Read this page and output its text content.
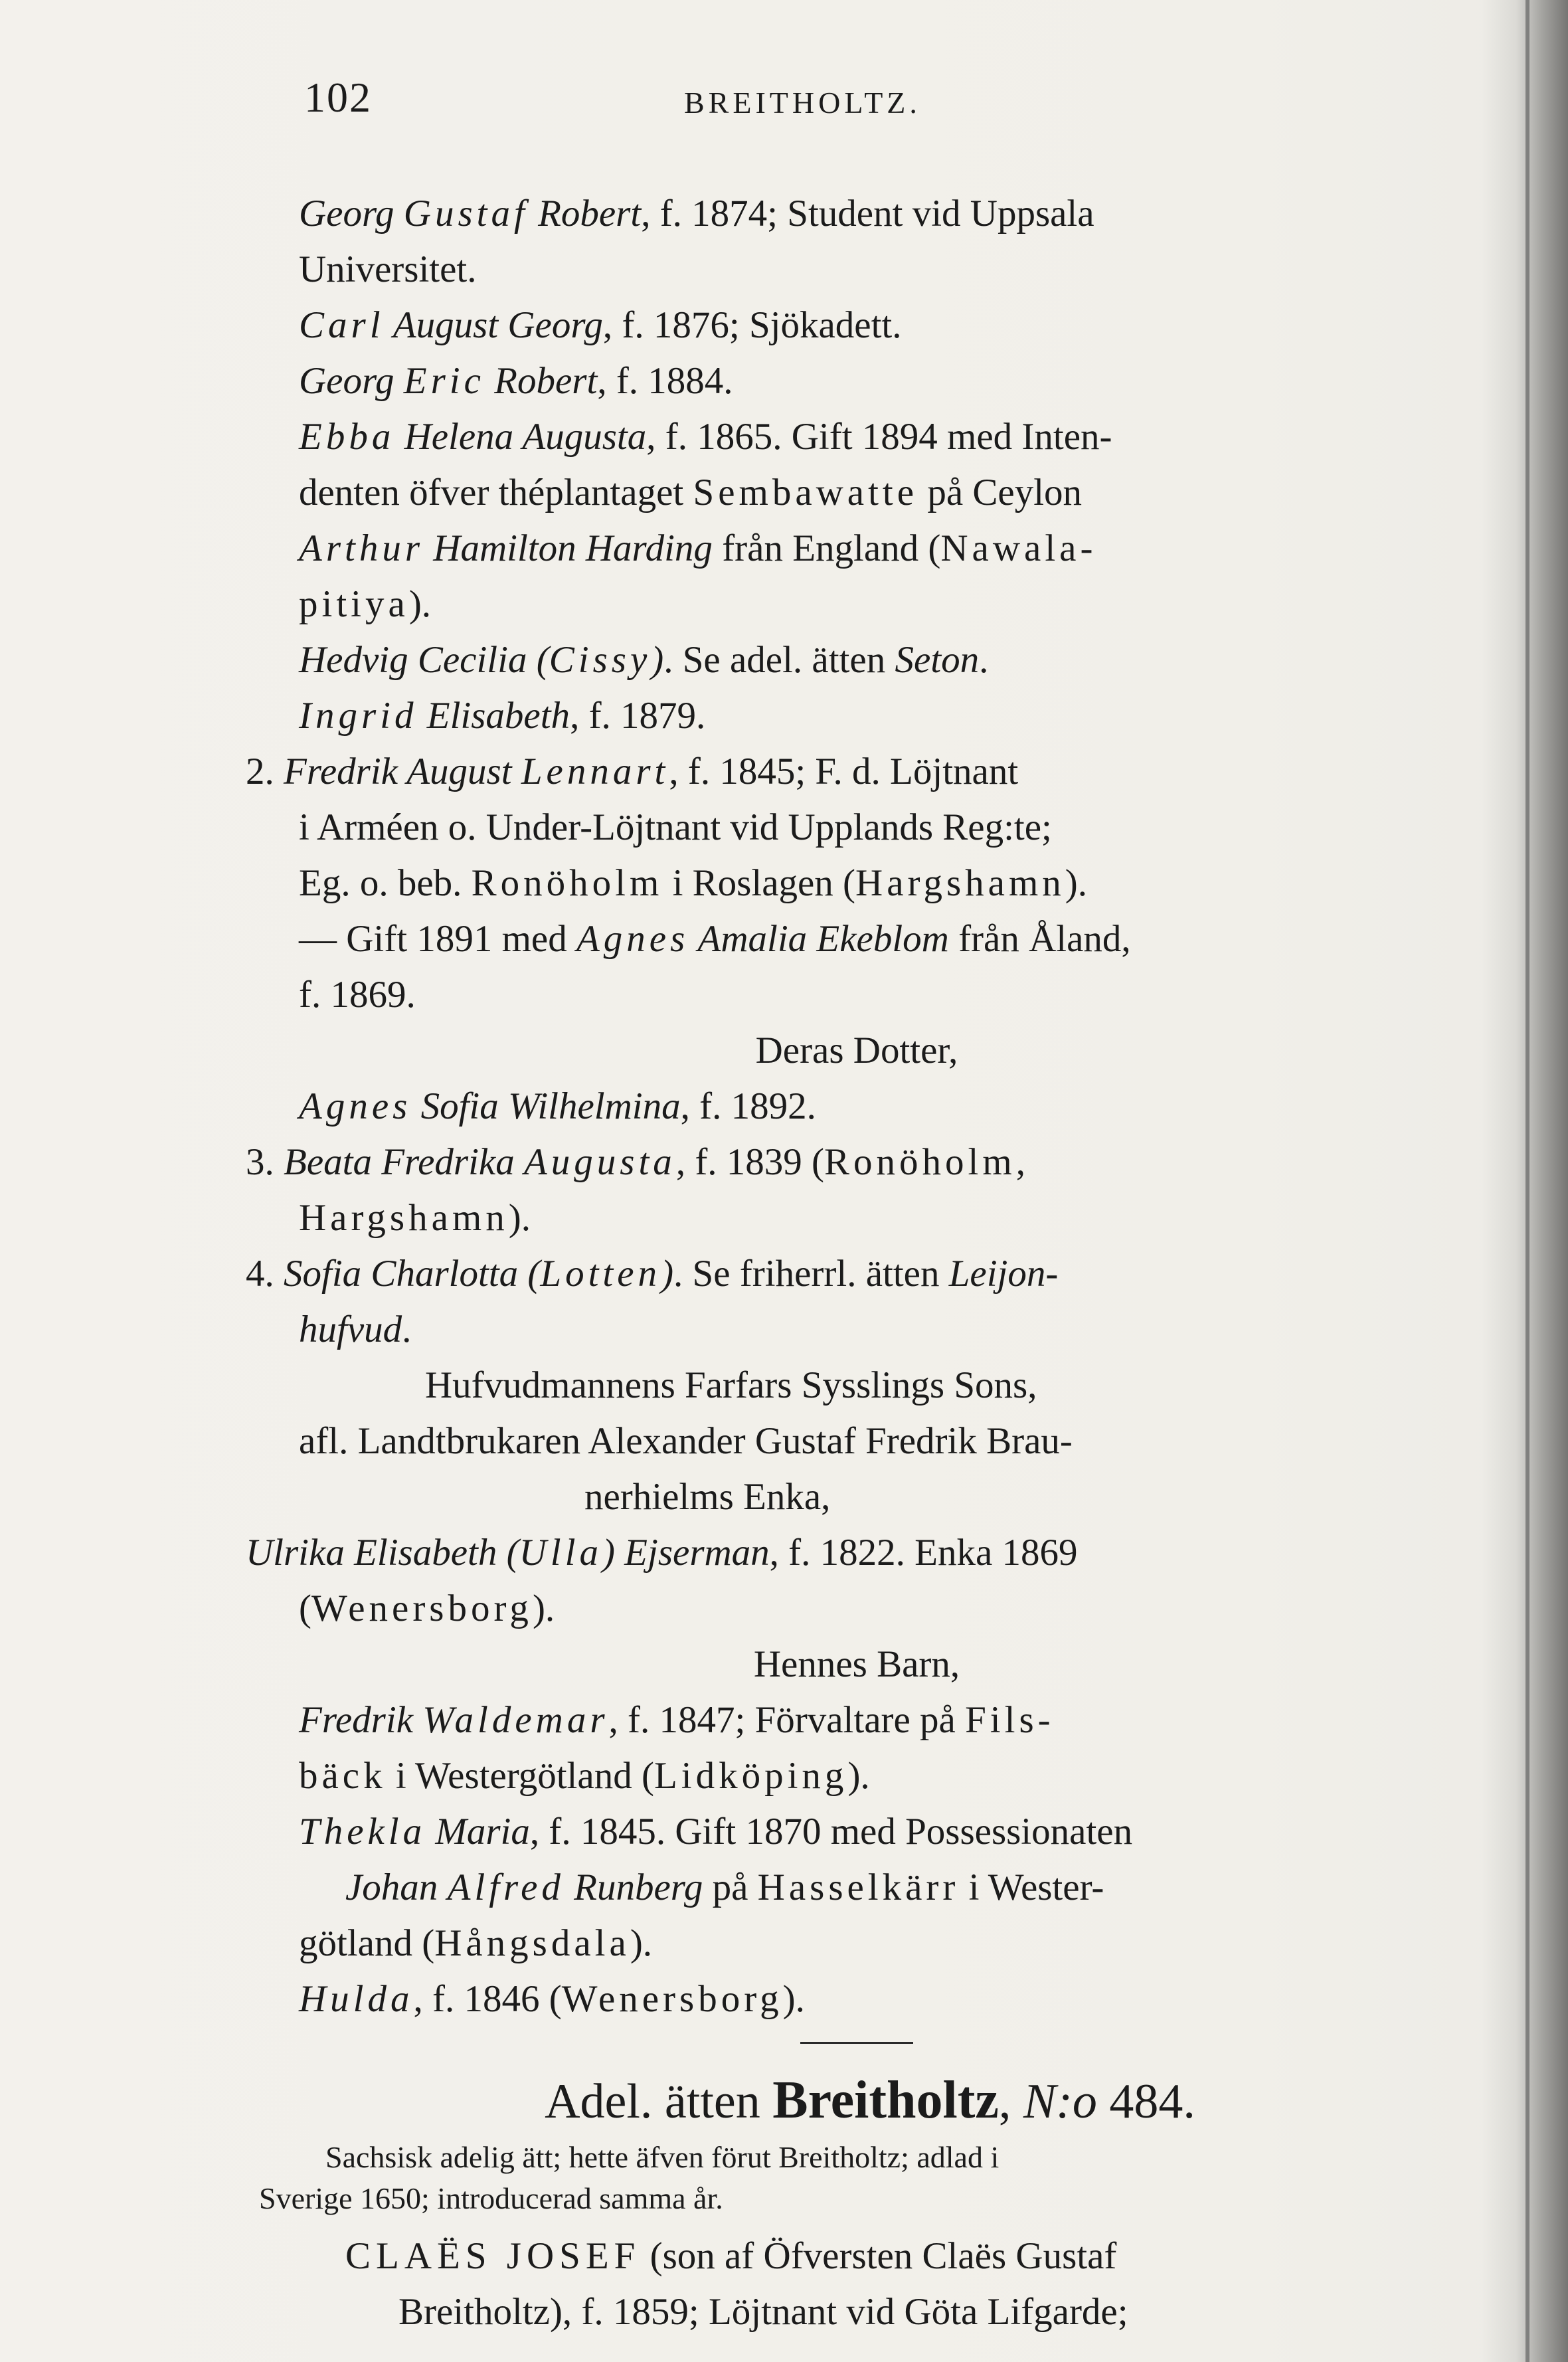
102	BREITHOLTZ.
Georg Gustaf Robert, f. 1874; Student vid Uppsala
Universitet.
Carl August Georg, f. 1876; Sjökadett.
Georg Eric Robert, f. 1884.
Ebba Helena Augusta, f. 1865. Gift 1894 med Inten-
denten öfver théplantaget Sembawatte på Ceylon
Arthur Hamilton Harding från England (Nawala-
pitiya).
Hedvig Cecilia (Cissy). Se adel. ätten Seton.
Ingrid Elisabeth, f. 1879.
2. Fredrik August Lennart, f. 1845; F. d. Löjtnant
i Arméen o. Under-Löjtnant vid Upplands Reg:te;
Eg. o. beb. Ronöholm i Roslagen (Hargshamn).
— Gift 1891 med Agnes Amalia Ekeblom från Åland,
f. 1869.
Deras Dotter,
Agnes Sofia Wilhelmina, f. 1892.
3. Beata Fredrika Augusta, f. 1839 (Ronöholm,
Hargshamn).
4. Sofia Charlotta (Lotten). Se friherrl. ätten Leijon-
hufvud.
Hufvudmannens Farfars Sysslings Sons,
afl. Landtbrukaren Alexander Gustaf Fredrik Brau-
nerhielms Enka,
Ulrika Elisabeth (Ulla) Ejserman, f. 1822. Enka 1869
(Wenersborg).
Hennes Barn,
Fredrik Waldemar, f. 1847; Förvaltare på Fils-
bäck i Westergötland (Lidköping).
Thekla Maria, f. 1845. Gift 1870 med Possessionaten
Johan Alfred Runberg på Hasselkärr i Wester-
götland (Hångsdala).
Hulda, f. 1846 (Wenersborg).
Adel. ätten Breitholtz, N:o 484.
Sachsisk adelig ätt; hette äfven förut Breitholtz; adlad i
Sverige 1650; introducerad samma år.
CLAËS JOSEF (son af Öfversten Claës Gustaf
Breitholtz), f. 1859; Löjtnant vid Göta Lifgarde;
